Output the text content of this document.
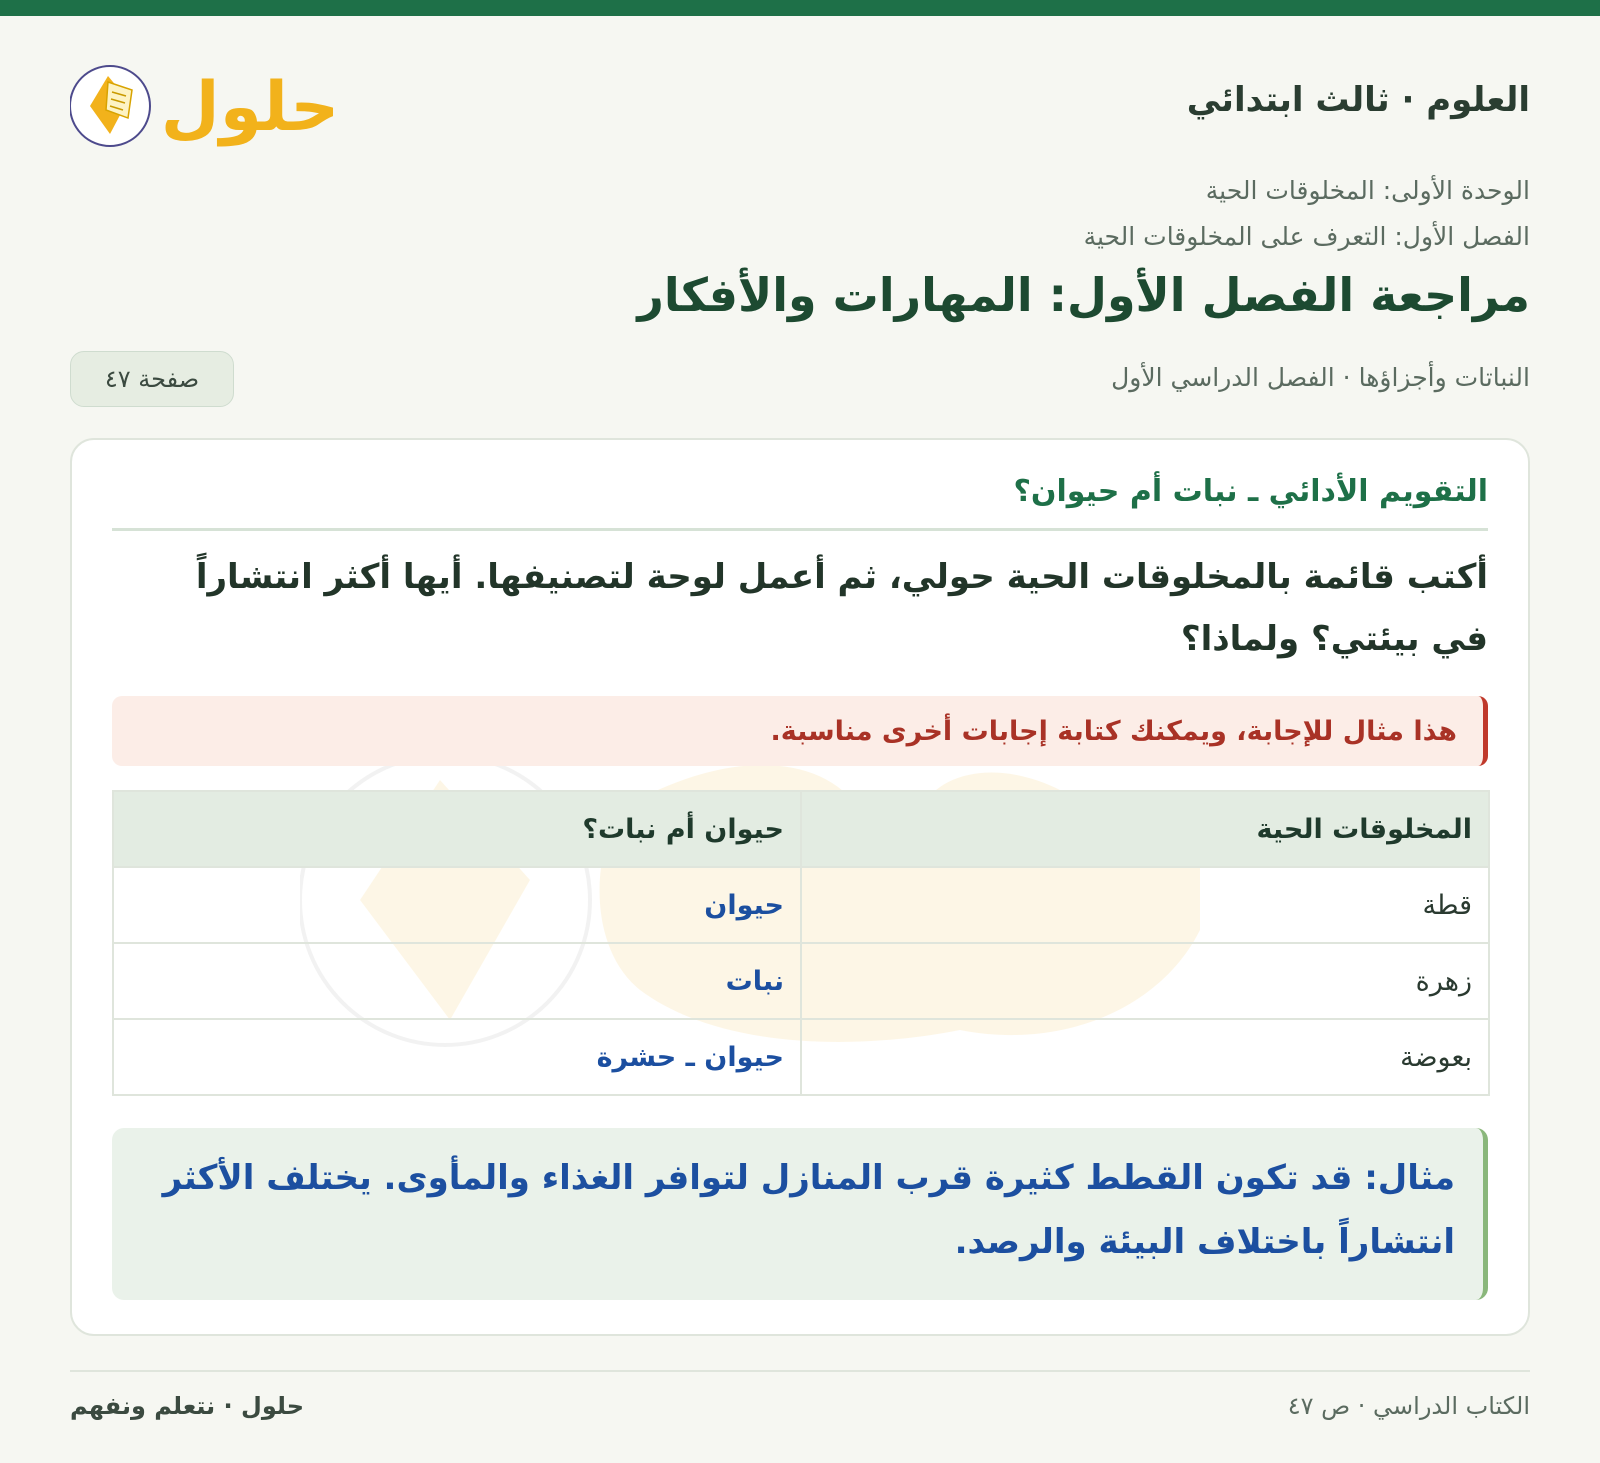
العلوم · ثالث ابتدائي
حلول
الوحدة الأولى: المخلوقات الحية
الفصل الأول: التعرف على المخلوقات الحية
مراجعة الفصل الأول: المهارات والأفكار
النباتات وأجزاؤها · الفصل الدراسي الأول
صفحة ٤٧
التقويم الأدائي ـ نبات أم حيوان؟
أكتب قائمة بالمخلوقات الحية حولي، ثم أعمل لوحة لتصنيفها. أيها أكثر انتشاراً في بيئتي؟ ولماذا؟
هذا مثال للإجابة، ويمكنك كتابة إجابات أخرى مناسبة.
المخلوقات الحية	حيوان أم نبات؟
قطة	حيوان
زهرة	نبات
بعوضة	حيوان ـ حشرة
مثال: قد تكون القطط كثيرة قرب المنازل لتوافر الغذاء والمأوى. يختلف الأكثر انتشاراً باختلاف البيئة والرصد.
الكتاب الدراسي · ص ٤٧
حلول · نتعلم ونفهم
